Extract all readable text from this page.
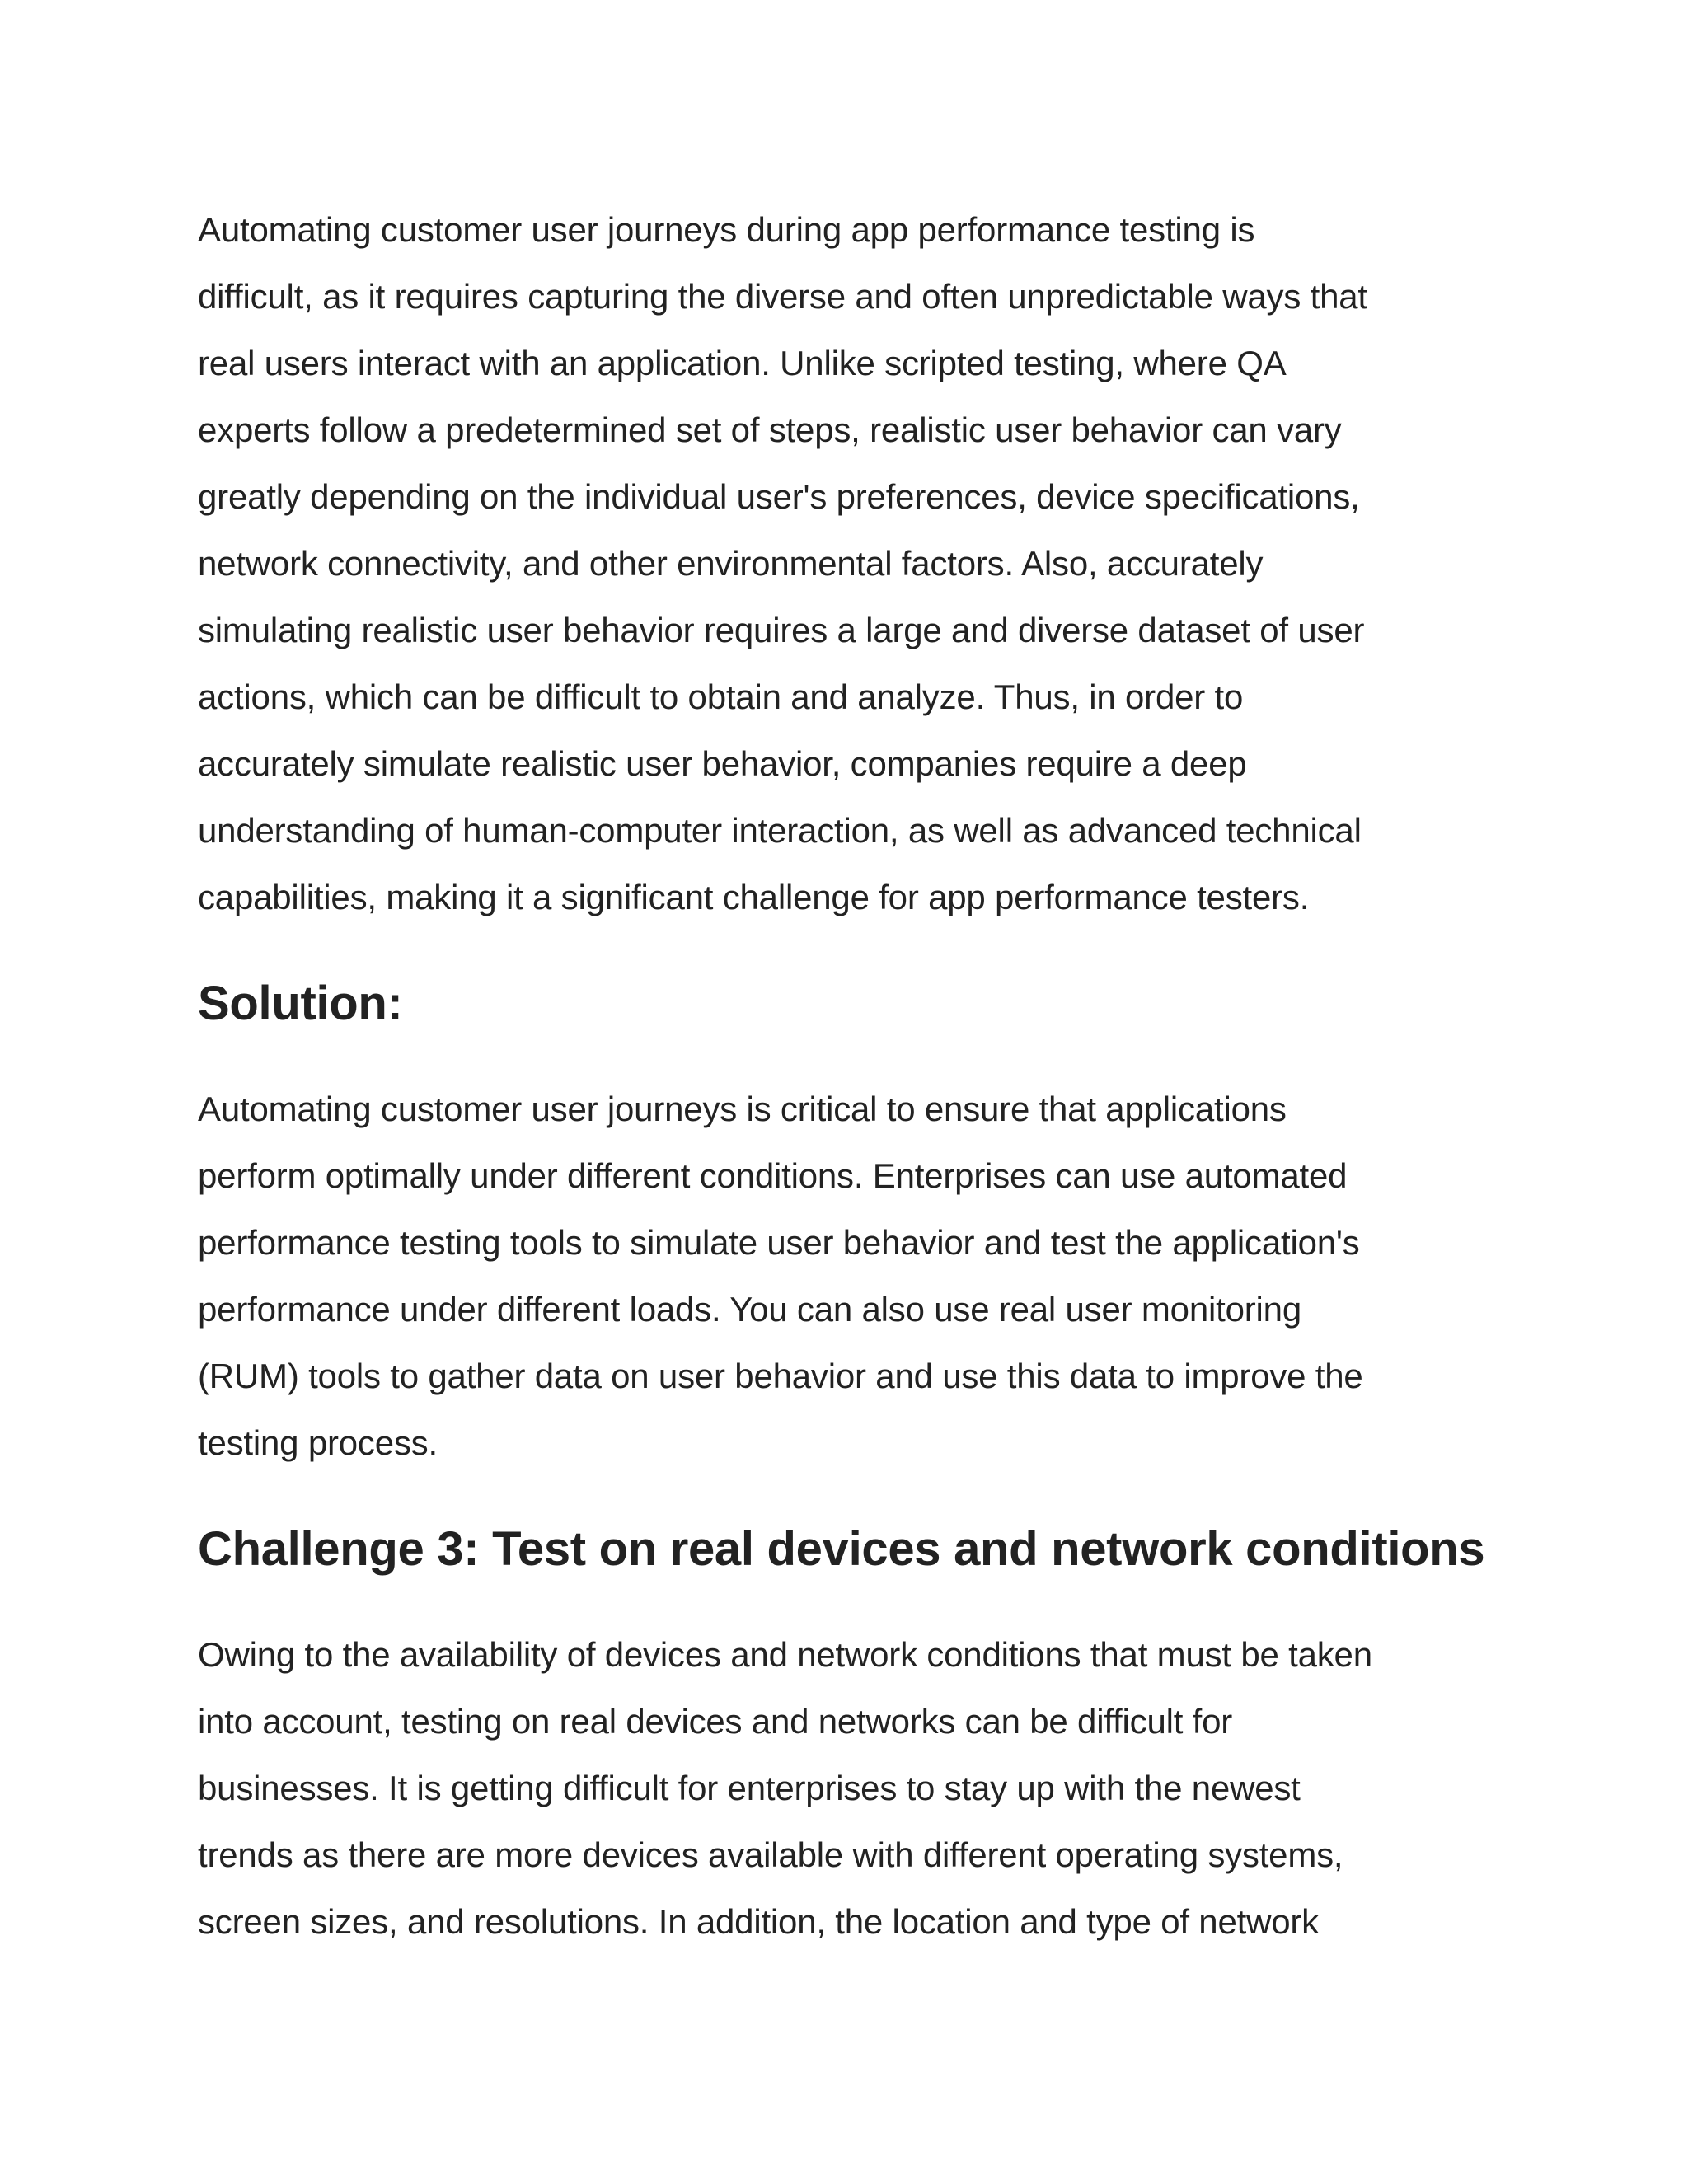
Automating customer user journeys during app performance testing is
difficult, as it requires capturing the diverse and often unpredictable ways that
real users interact with an application. Unlike scripted testing, where QA
experts follow a predetermined set of steps, realistic user behavior can vary
greatly depending on the individual user's preferences, device specifications,
network connectivity, and other environmental factors. Also, accurately
simulating realistic user behavior requires a large and diverse dataset of user
actions, which can be difficult to obtain and analyze. Thus, in order to
accurately simulate realistic user behavior, companies require a deep
understanding of human-computer interaction, as well as advanced technical
capabilities, making it a significant challenge for app performance testers.

Solution:

Automating customer user journeys is critical to ensure that applications
perform optimally under different conditions. Enterprises can use automated
performance testing tools to simulate user behavior and test the application's
performance under different loads. You can also use real user monitoring
(RUM) tools to gather data on user behavior and use this data to improve the
testing process.

Challenge 3: Test on real devices and network conditions

Owing to the availability of devices and network conditions that must be taken
into account, testing on real devices and networks can be difficult for
businesses. It is getting difficult for enterprises to stay up with the newest
trends as there are more devices available with different operating systems,
screen sizes, and resolutions. In addition, the location and type of network
